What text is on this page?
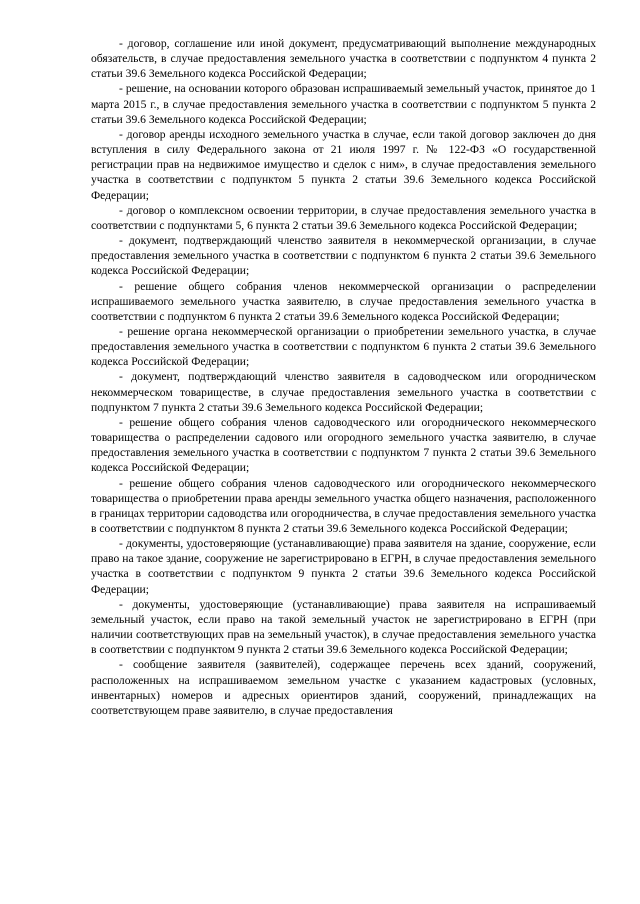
- договор, соглашение или иной документ, предусматривающий выполнение международных обязательств, в случае предоставления земельного участка в соответствии с подпунктом 4 пункта 2 статьи 39.6 Земельного кодекса Российской Федерации;

- решение, на основании которого образован испрашиваемый земельный участок, принятое до 1 марта 2015 г., в случае предоставления земельного участка в соответствии с подпунктом 5 пункта 2 статьи 39.6 Земельного кодекса Российской Федерации;

- договор аренды исходного земельного участка в случае, если такой договор заключен до дня вступления в силу Федерального закона от 21 июля 1997 г. № 122-ФЗ «О государственной регистрации прав на недвижимое имущество и сделок с ним», в случае предоставления земельного участка в соответствии с подпунктом 5 пункта 2 статьи 39.6 Земельного кодекса Российской Федерации;

- договор о комплексном освоении территории, в случае предоставления земельного участка в соответствии с подпунктами 5, 6 пункта 2 статьи 39.6 Земельного кодекса Российской Федерации;

- документ, подтверждающий членство заявителя в некоммерческой организации, в случае предоставления земельного участка в соответствии с подпунктом 6 пункта 2 статьи 39.6 Земельного кодекса Российской Федерации;

- решение общего собрания членов некоммерческой организации о распределении испрашиваемого земельного участка заявителю, в случае предоставления земельного участка в соответствии с подпунктом 6 пункта 2 статьи 39.6 Земельного кодекса Российской Федерации;

- решение органа некоммерческой организации о приобретении земельного участка, в случае предоставления земельного участка в соответствии с подпунктом 6 пункта 2 статьи 39.6 Земельного кодекса Российской Федерации;

- документ, подтверждающий членство заявителя в садоводческом или огородническом некоммерческом товариществе, в случае предоставления земельного участка в соответствии с подпунктом 7 пункта 2 статьи 39.6 Земельного кодекса Российской Федерации;

- решение общего собрания членов садоводческого или огороднического некоммерческого товарищества о распределении садового или огородного земельного участка заявителю, в случае предоставления земельного участка в соответствии с подпунктом 7 пункта 2 статьи 39.6 Земельного кодекса Российской Федерации;

- решение общего собрания членов садоводческого или огороднического некоммерческого товарищества о приобретении права аренды земельного участка общего назначения, расположенного в границах территории садоводства или огородничества, в случае предоставления земельного участка в соответствии с подпунктом 8 пункта 2 статьи 39.6 Земельного кодекса Российской Федерации;

- документы, удостоверяющие (устанавливающие) права заявителя на здание, сооружение, если право на такое здание, сооружение не зарегистрировано в ЕГРН, в случае предоставления земельного участка в соответствии с подпунктом 9 пункта 2 статьи 39.6 Земельного кодекса Российской Федерации;

- документы, удостоверяющие (устанавливающие) права заявителя на испрашиваемый земельный участок, если право на такой земельный участок не зарегистрировано в ЕГРН (при наличии соответствующих прав на земельный участок), в случае предоставления земельного участка в соответствии с подпунктом 9 пункта 2 статьи 39.6 Земельного кодекса Российской Федерации;

- сообщение заявителя (заявителей), содержащее перечень всех зданий, сооружений, расположенных на испрашиваемом земельном участке с указанием кадастровых (условных, инвентарных) номеров и адресных ориентиров зданий, сооружений, принадлежащих на соответствующем праве заявителю, в случае предоставления
